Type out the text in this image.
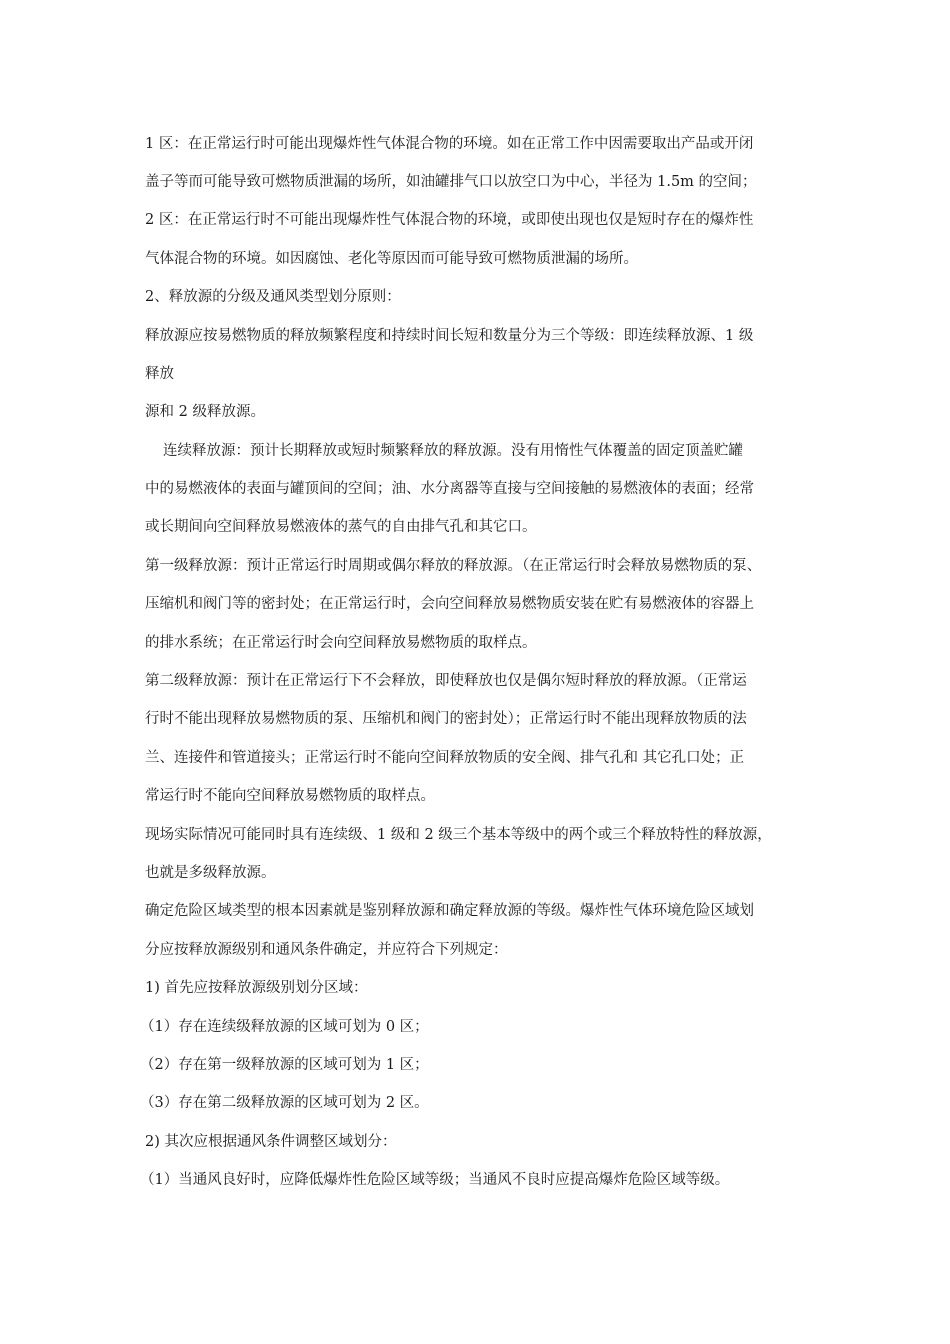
1 区：在正常运行时可能出现爆炸性气体混合物的环境。如在正常工作中因需要取出产品或开闭
盖子等而可能导致可燃物质泄漏的场所，如油罐排气口以放空口为中心，半径为 1.5m 的空间；
2 区：在正常运行时不可能出现爆炸性气体混合物的环境，或即使出现也仅是短时存在的爆炸性
气体混合物的环境。如因腐蚀、老化等原因而可能导致可燃物质泄漏的场所。
2、释放源的分级及通风类型划分原则：
释放源应按易燃物质的释放频繁程度和持续时间长短和数量分为三个等级：即连续释放源、1 级
释放
源和 2 级释放源。
连续释放源：预计长期释放或短时频繁释放的释放源。没有用惰性气体覆盖的固定顶盖贮罐
中的易燃液体的表面与罐顶间的空间；油、水分离器等直接与空间接触的易燃液体的表面；经常
或长期间向空间释放易燃液体的蒸气的自由排气孔和其它口。
第一级释放源：预计正常运行时周期或偶尔释放的释放源。（在正常运行时会释放易燃物质的泵、
压缩机和阀门等的密封处；在正常运行时，会向空间释放易燃物质安装在贮有易燃液体的容器上
的排水系统；在正常运行时会向空间释放易燃物质的取样点。
第二级释放源：预计在正常运行下不会释放，即使释放也仅是偶尔短时释放的释放源。（正常运
行时不能出现释放易燃物质的泵、压缩机和阀门的密封处）；正常运行时不能出现释放物质的法
兰、连接件和管道接头；正常运行时不能向空间释放物质的安全阀、排气孔和 其它孔口处；正
常运行时不能向空间释放易燃物质的取样点。
现场实际情况可能同时具有连续级、1 级和 2 级三个基本等级中的两个或三个释放特性的释放源，
也就是多级释放源。
确定危险区域类型的根本因素就是鉴别释放源和确定释放源的等级。爆炸性气体环境危险区域划
分应按释放源级别和通风条件确定，并应符合下列规定：
1) 首先应按释放源级别划分区域：
（1）存在连续级释放源的区域可划为 0 区；
（2）存在第一级释放源的区域可划为 1 区；
（3）存在第二级释放源的区域可划为 2 区。
2) 其次应根据通风条件调整区域划分：
（1）当通风良好时，应降低爆炸性危险区域等级；当通风不良时应提高爆炸危险区域等级。
